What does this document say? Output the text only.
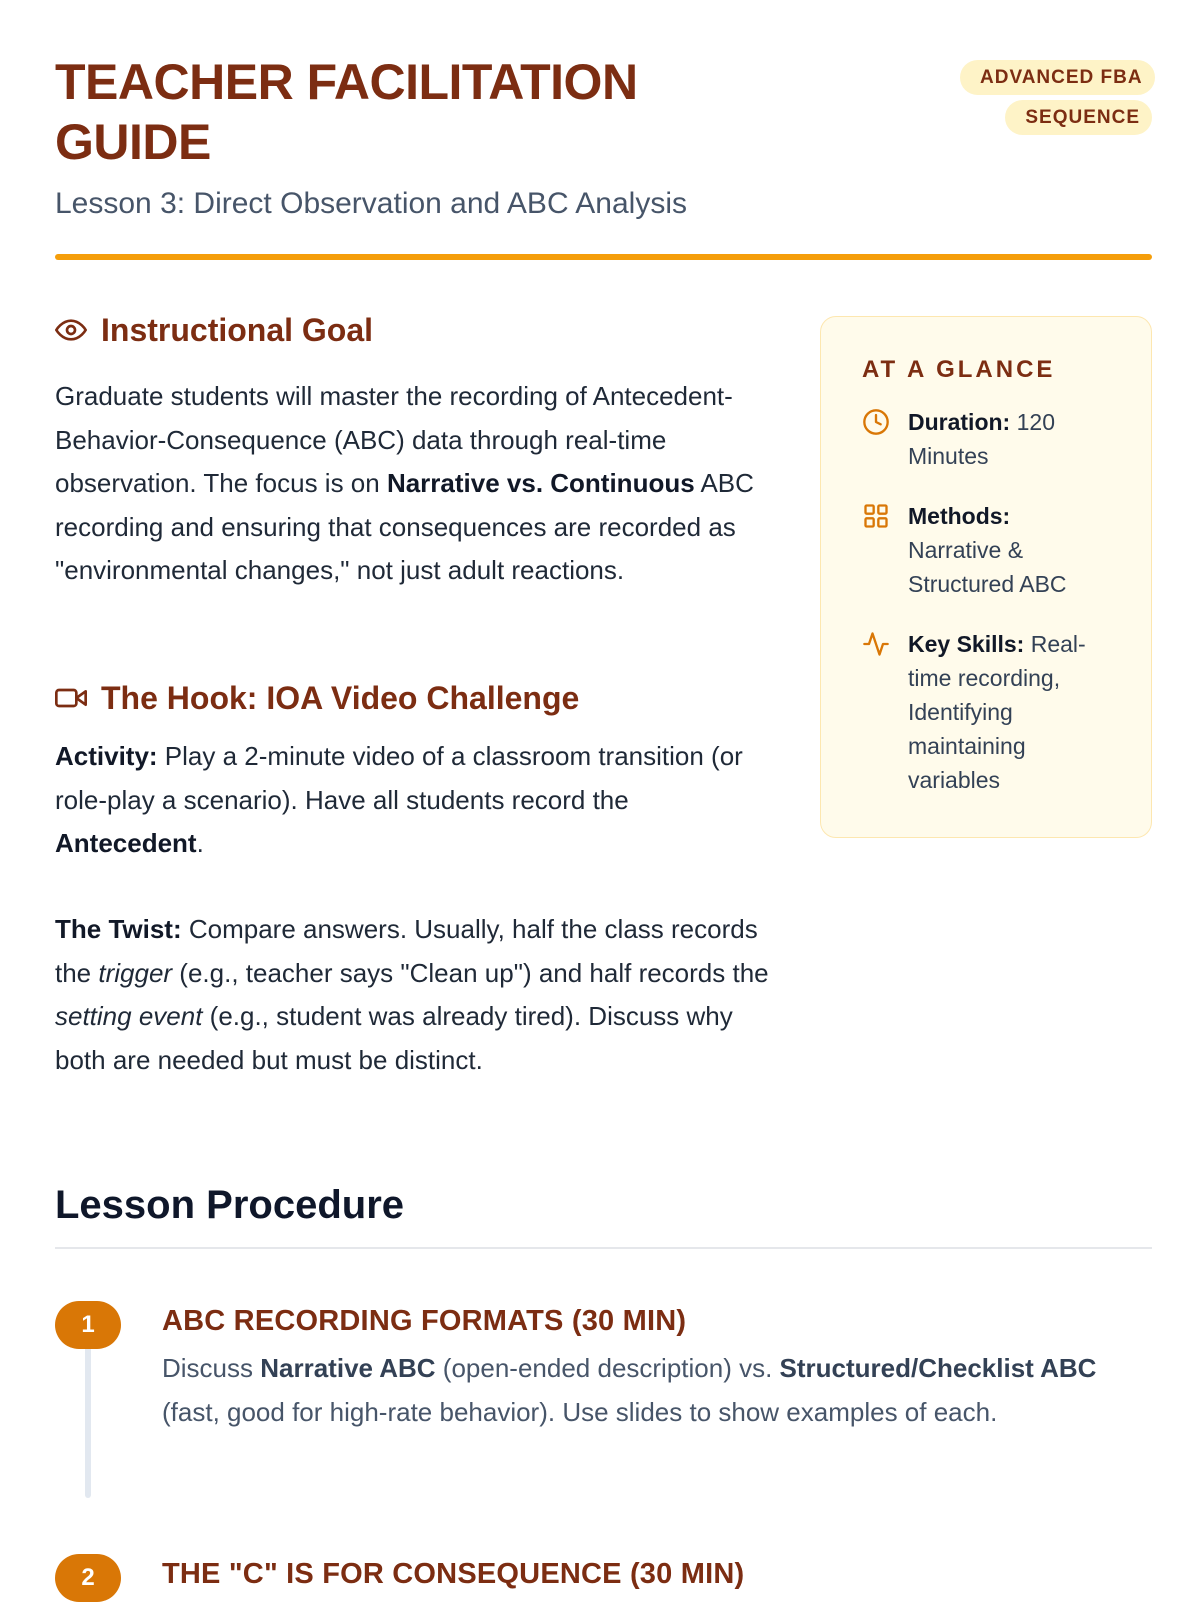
TEACHER FACILITATION GUIDE
ADVANCED FBA SEQUENCE

Lesson 3: Direct Observation and ABC Analysis

Instructional Goal

Graduate students will master the recording of Antecedent-Behavior-Consequence (ABC) data through real-time observation. The focus is on Narrative vs. Continuous ABC recording and ensuring that consequences are recorded as "environmental changes," not just adult reactions.

The Hook: IOA Video Challenge

Activity: Play a 2-minute video of a classroom transition (or role-play a scenario). Have all students record the Antecedent.

The Twist: Compare answers. Usually, half the class records the trigger (e.g., teacher says "Clean up") and half records the setting event (e.g., student was already tired). Discuss why both are needed but must be distinct.

AT A GLANCE
Duration: 120 Minutes
Methods: Narrative & Structured ABC
Key Skills: Real-time recording, Identifying maintaining variables
Lesson Procedure
1	ABC RECORDING FORMATS (30 MIN)

Discuss Narrative ABC (open-ended description) vs. Structured/Checklist ABC (fast, good for high-rate behavior). Use slides to show examples of each.

2	THE "C" IS FOR CONSEQUENCE (30 MIN)
